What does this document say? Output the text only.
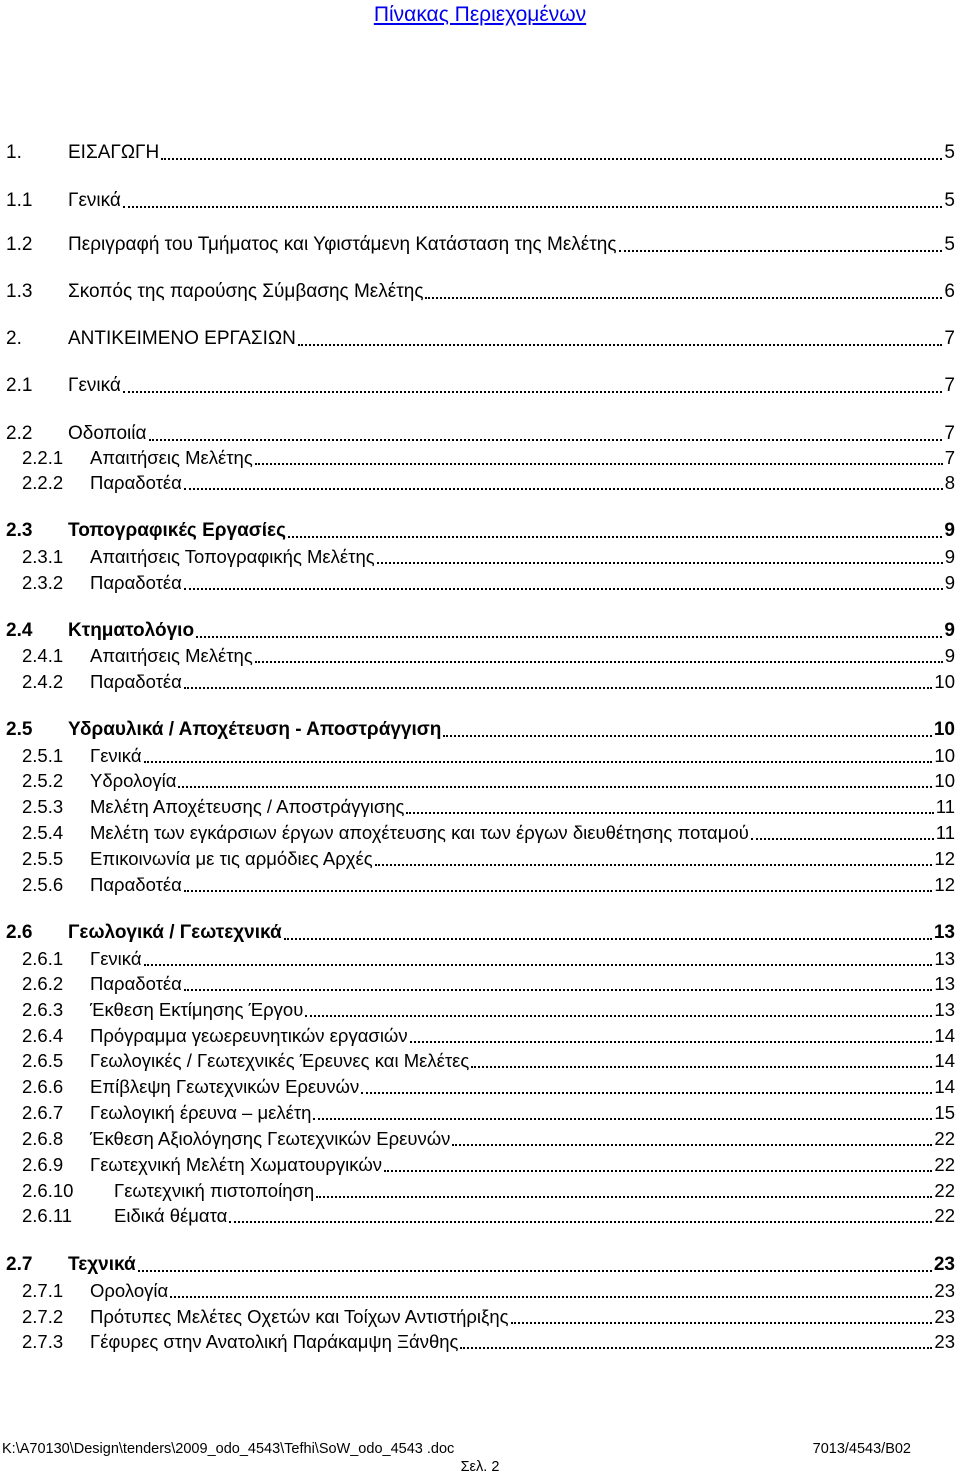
Πίνακας Περιεχομένων
1.	ΕΙΣΑΓΩΓΗ	5
1.1	Γενικά	5
1.2	Περιγραφή του Τμήματος και Υφιστάμενη Κατάσταση της Μελέτης	5
1.3	Σκοπός της παρούσης Σύμβασης Μελέτης	6
2.	ΑΝΤΙΚΕΙΜΕΝΟ ΕΡΓΑΣΙΩΝ	7
2.1	Γενικά	7
2.2	Οδοποιία	7
2.2.1	Απαιτήσεις Μελέτης	7
2.2.2	Παραδοτέα	8
2.3	Τοπογραφικές Εργασίες	9
2.3.1	Απαιτήσεις Τοπογραφικής Μελέτης	9
2.3.2	Παραδοτέα	9
2.4	Κτηματολόγιο	9
2.4.1	Απαιτήσεις Μελέτης	9
2.4.2	Παραδοτέα	10
2.5	Υδραυλικά / Αποχέτευση - Αποστράγγιση	10
2.5.1	Γενικά	10
2.5.2	Υδρολογία	10
2.5.3	Μελέτη Αποχέτευσης / Αποστράγγισης	11
2.5.4	Μελέτη των εγκάρσιων έργων αποχέτευσης και των έργων διευθέτησης ποταμού	11
2.5.5	Επικοινωνία με τις αρμόδιες Αρχές	12
2.5.6	Παραδοτέα	12
2.6	Γεωλογικά / Γεωτεχνικά	13
2.6.1	Γενικά	13
2.6.2	Παραδοτέα	13
2.6.3	Έκθεση Εκτίμησης Έργου	13
2.6.4	Πρόγραμμα γεωερευνητικών εργασιών	14
2.6.5	Γεωλογικές / Γεωτεχνικές Έρευνες και Μελέτες	14
2.6.6	Επίβλεψη Γεωτεχνικών Ερευνών	14
2.6.7	Γεωλογική έρευνα – μελέτη	15
2.6.8	Έκθεση Αξιολόγησης Γεωτεχνικών Ερευνών	22
2.6.9	Γεωτεχνική Μελέτη Χωματουργικών	22
2.6.10	Γεωτεχνική πιστοποίηση	22
2.6.11	Ειδικά θέματα	22
2.7	Τεχνικά	23
2.7.1	Ορολογία	23
2.7.2	Πρότυπες Μελέτες Οχετών και Τοίχων Αντιστήριξης	23
2.7.3	Γέφυρες στην Ανατολική Παράκαμψη Ξάνθης	23
K:\A70130\Design\tenders\2009_odo_4543\Tefhi\SoW_odo_4543 .doc	7013/4543/B02
Σελ. 2
